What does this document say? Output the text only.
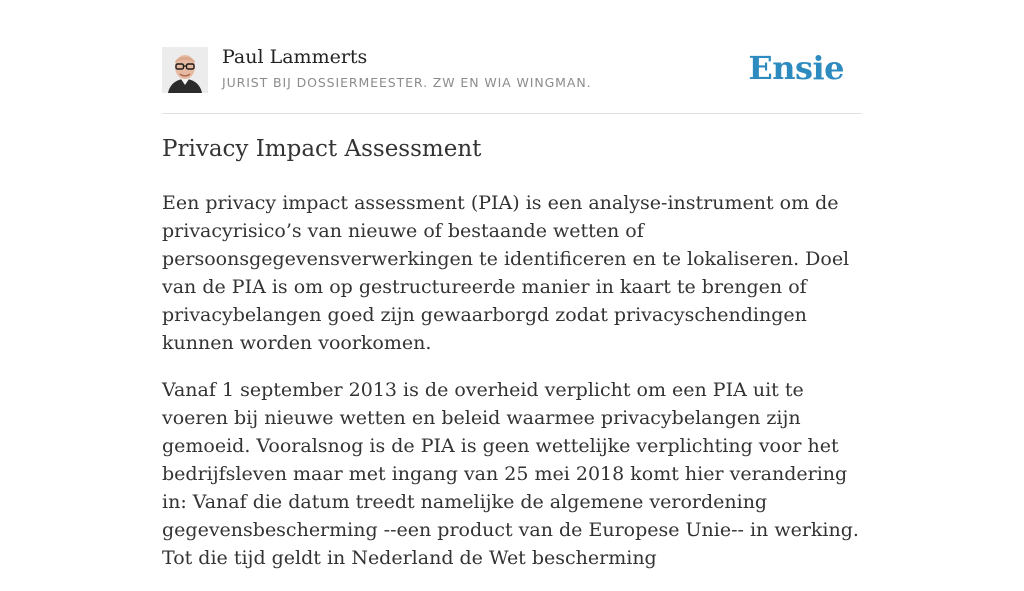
Paul Lammerts
JURIST BIJ DOSSIERMEESTER. ZW EN WIA WINGMAN.	Ensie
Privacy Impact Assessment

Een privacy impact assessment (PIA) is een analyse-instrument om de privacyrisico’s van nieuwe of bestaande wetten of persoonsgegevensverwerkingen te identificeren en te lokaliseren. Doel van de PIA is om op gestructureerde manier in kaart te brengen of privacybelangen goed zijn gewaarborgd zodat privacyschendingen kunnen worden voorkomen.

Vanaf 1 september 2013 is de overheid verplicht om een PIA uit te voeren bij nieuwe wetten en beleid waarmee privacybelangen zijn gemoeid. Vooralsnog is de PIA is geen wettelijke verplichting voor het bedrijfsleven maar met ingang van 25 mei 2018 komt hier verandering in: Vanaf die datum treedt namelijke de algemene verordening gegevensbescherming --een product van de Europese Unie-- in werking. Tot die tijd geldt in Nederland de Wet bescherming
